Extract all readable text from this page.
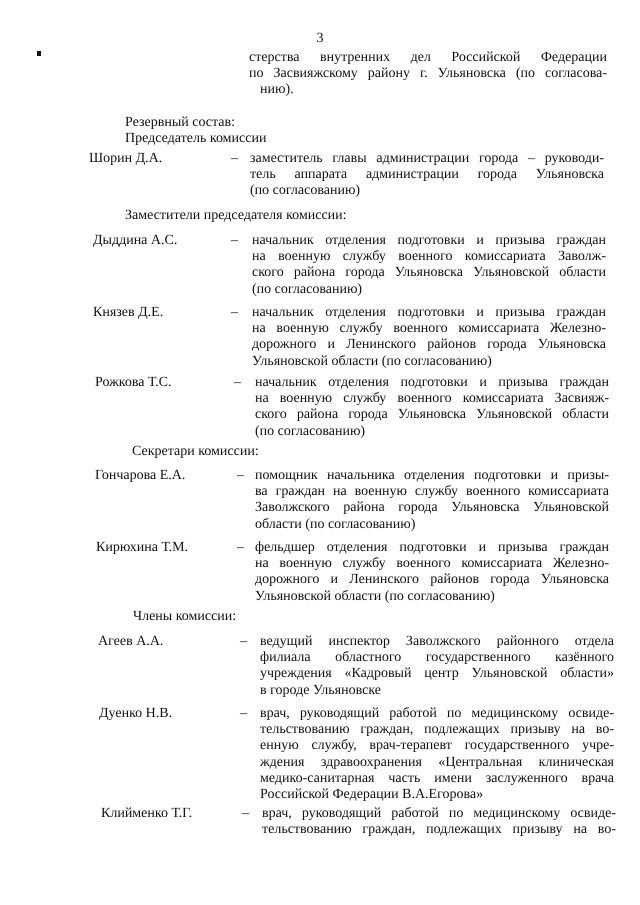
3
стерства внутренних дел Российской Федерации
по Засвияжскому району г. Ульяновска (по согласова-
нию).
Резервный состав:
Председатель комиссии
Заместители председателя комиссии:
Секретари комиссии:
Члены комиссии:
Шорин Д.А.	– заместитель главы администрации города – руководи-
тель аппарата администрации города Ульяновска
(по согласованию)
Дыддина А.С.	– начальник отделения подготовки и призыва граждан
на военную службу военного комиссариата Заволж-
ского района города Ульяновска Ульяновской области
(по согласованию)
Князев Д.Е.	– начальник отделения подготовки и призыва граждан
на военную службу военного комиссариата Железно-
дорожного и Ленинского районов города Ульяновска
Ульяновской области (по согласованию)
Рожкова Т.С.	– начальник отделения подготовки и призыва граждан
на военную службу военного комиссариата Засвияж-
ского района города Ульяновска Ульяновской области
(по согласованию)
Гончарова Е.А.	– помощник начальника отделения подготовки и призы-
ва граждан на военную службу военного комиссариата
Заволжского района города Ульяновска Ульяновской
области (по согласованию)
Кирюхина Т.М.	– фельдшер отделения подготовки и призыва граждан
на военную службу военного комиссариата Железно-
дорожного и Ленинского районов города Ульяновска
Ульяновской области (по согласованию)
Агеев А.А.	– ведущий инспектор Заволжского районного отдела
филиала областного государственного казённого
учреждения «Кадровый центр Ульяновской области»
в городе Ульяновске
Дуенко Н.В.	– врач, руководящий работой по медицинскому освиде-
тельствованию граждан, подлежащих призыву на во-
енную службу, врач-терапевт государственного учре-
ждения здравоохранения «Центральная клиническая
медико-санитарная часть имени заслуженного врача
Российской Федерации В.А.Егорова»
Клийменко Т.Г.	– врач, руководящий работой по медицинскому освиде-
тельствованию граждан, подлежащих призыву на во-
